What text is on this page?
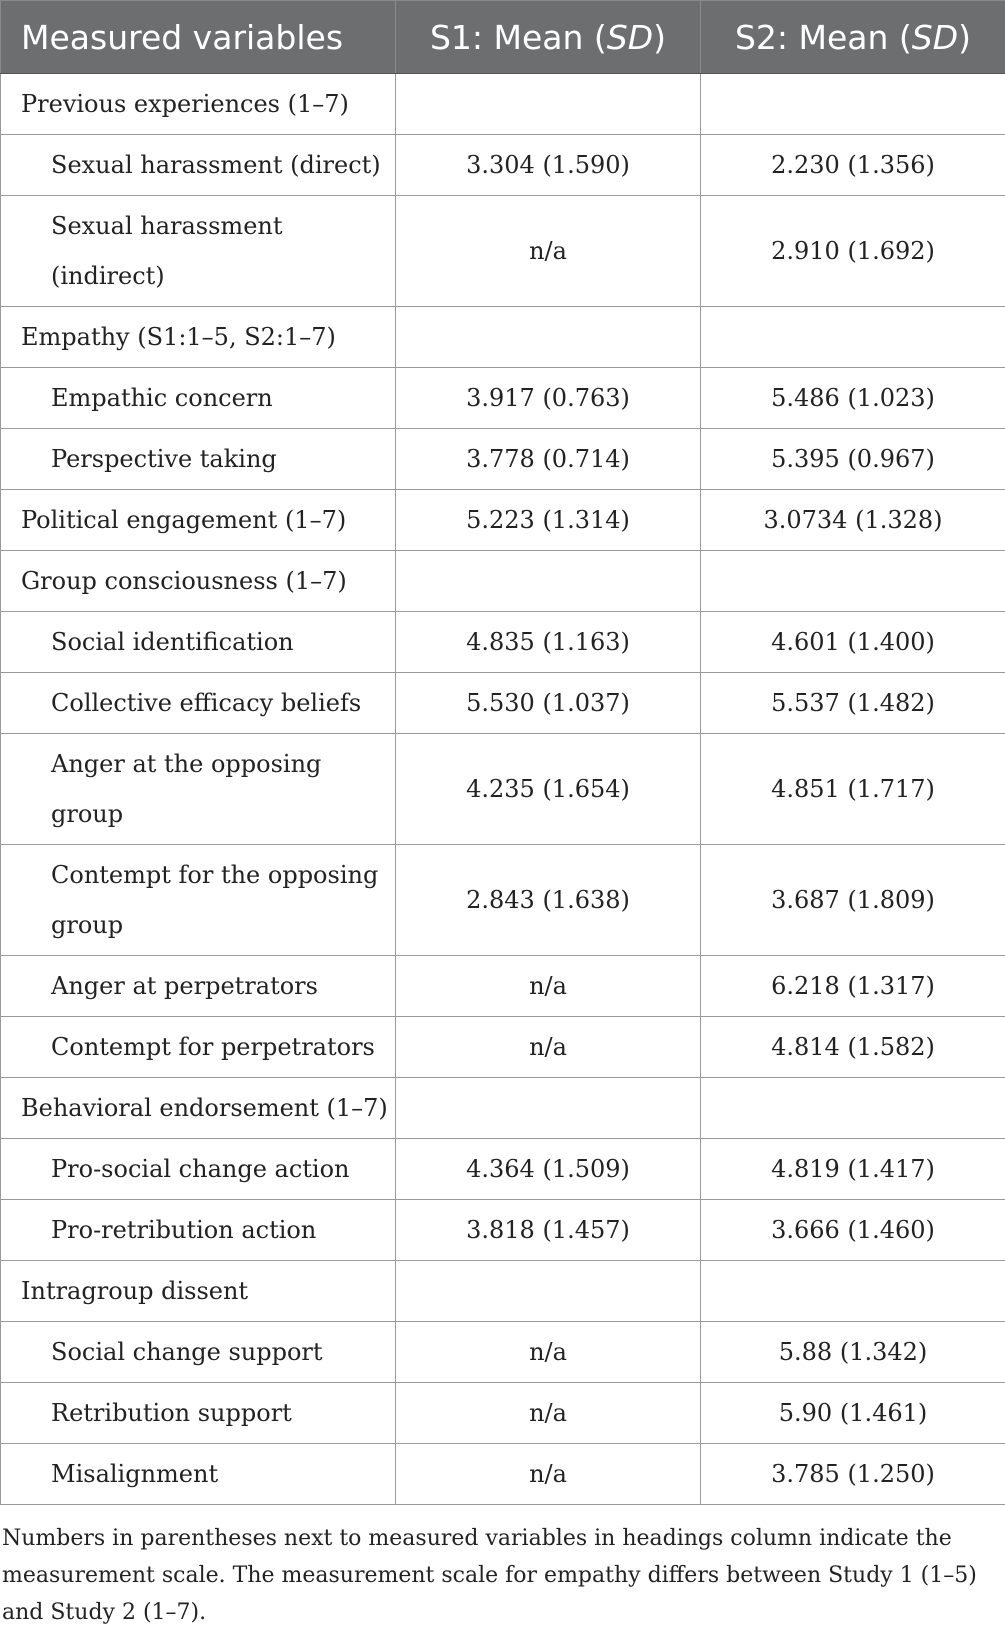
Measured variables	S1: Mean (SD)	S2: Mean (SD)
Previous experiences (1–7)		
Sexual harassment (direct)	3.304 (1.590)	2.230 (1.356)
Sexual harassment (indirect)	n/a	2.910 (1.692)
Empathy (S1:1–5, S2:1–7)		
Empathic concern	3.917 (0.763)	5.486 (1.023)
Perspective taking	3.778 (0.714)	5.395 (0.967)
Political engagement (1–7)	5.223 (1.314)	3.0734 (1.328)
Group consciousness (1–7)		
Social identification	4.835 (1.163)	4.601 (1.400)
Collective efficacy beliefs	5.530 (1.037)	5.537 (1.482)
Anger at the opposing group	4.235 (1.654)	4.851 (1.717)
Contempt for the opposing group	2.843 (1.638)	3.687 (1.809)
Anger at perpetrators	n/a	6.218 (1.317)
Contempt for perpetrators	n/a	4.814 (1.582)
Behavioral endorsement (1–7)		
Pro-social change action	4.364 (1.509)	4.819 (1.417)
Pro-retribution action	3.818 (1.457)	3.666 (1.460)
Intragroup dissent		
Social change support	n/a	5.88 (1.342)
Retribution support	n/a	5.90 (1.461)
Misalignment	n/a	3.785 (1.250)
Numbers in parentheses next to measured variables in headings column indicate the measurement scale. The measurement scale for empathy differs between Study 1 (1–5) and Study 2 (1–7).
